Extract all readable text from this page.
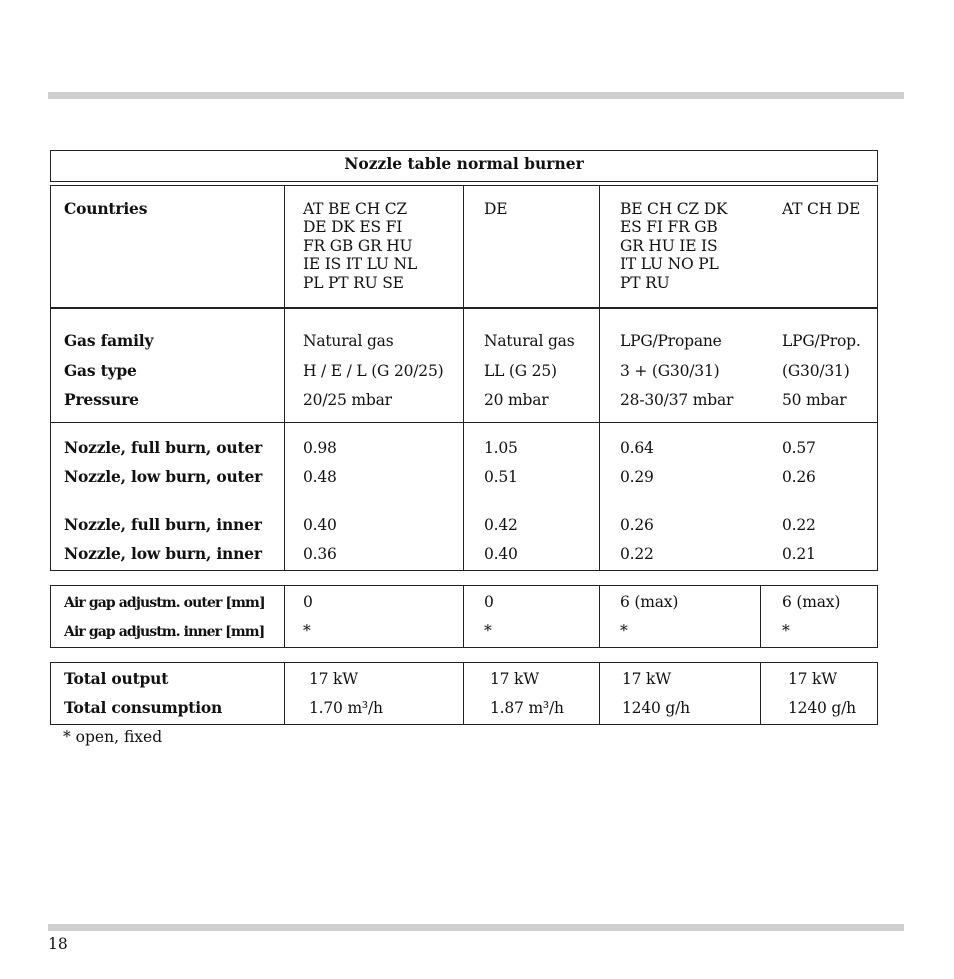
Nozzle table normal burner
Countries	AT BE CH CZ
DE DK ES FI
FR GB GR HU
IE IS IT LU NL
PL PT RU SE
DE	BE CH CZ DK
ES FI FR GB
GR HU IE IS
IT LU NO PL
PT RU
AT CH DE
Gas family
Gas type
Pressure
Natural gas
H / E / L (G 20/25)
20/25 mbar
Natural gas
LL (G 25)
20 mbar
LPG/Propane
3 + (G30/31)
28-30/37 mbar
LPG/Prop.
(G30/31)
50 mbar
Nozzle, full burn, outer
Nozzle, low burn, outer
Nozzle, full burn, inner
Nozzle, low burn, inner
0.98
0.48
0.40
0.36
1.05
0.51
0.42
0.40
0.64
0.29
0.26
0.22
0.57
0.26
0.22
0.21
Air gap adjustm. outer [mm]
Air gap adjustm. inner [mm]
0
*
0
*
6 (max)
*
6 (max)
*
Total output
Total consumption
17 kW
1.70 m³/h
17 kW
1.87 m³/h
17 kW
1240 g/h
17 kW
1240 g/h
* open, fixed
18
